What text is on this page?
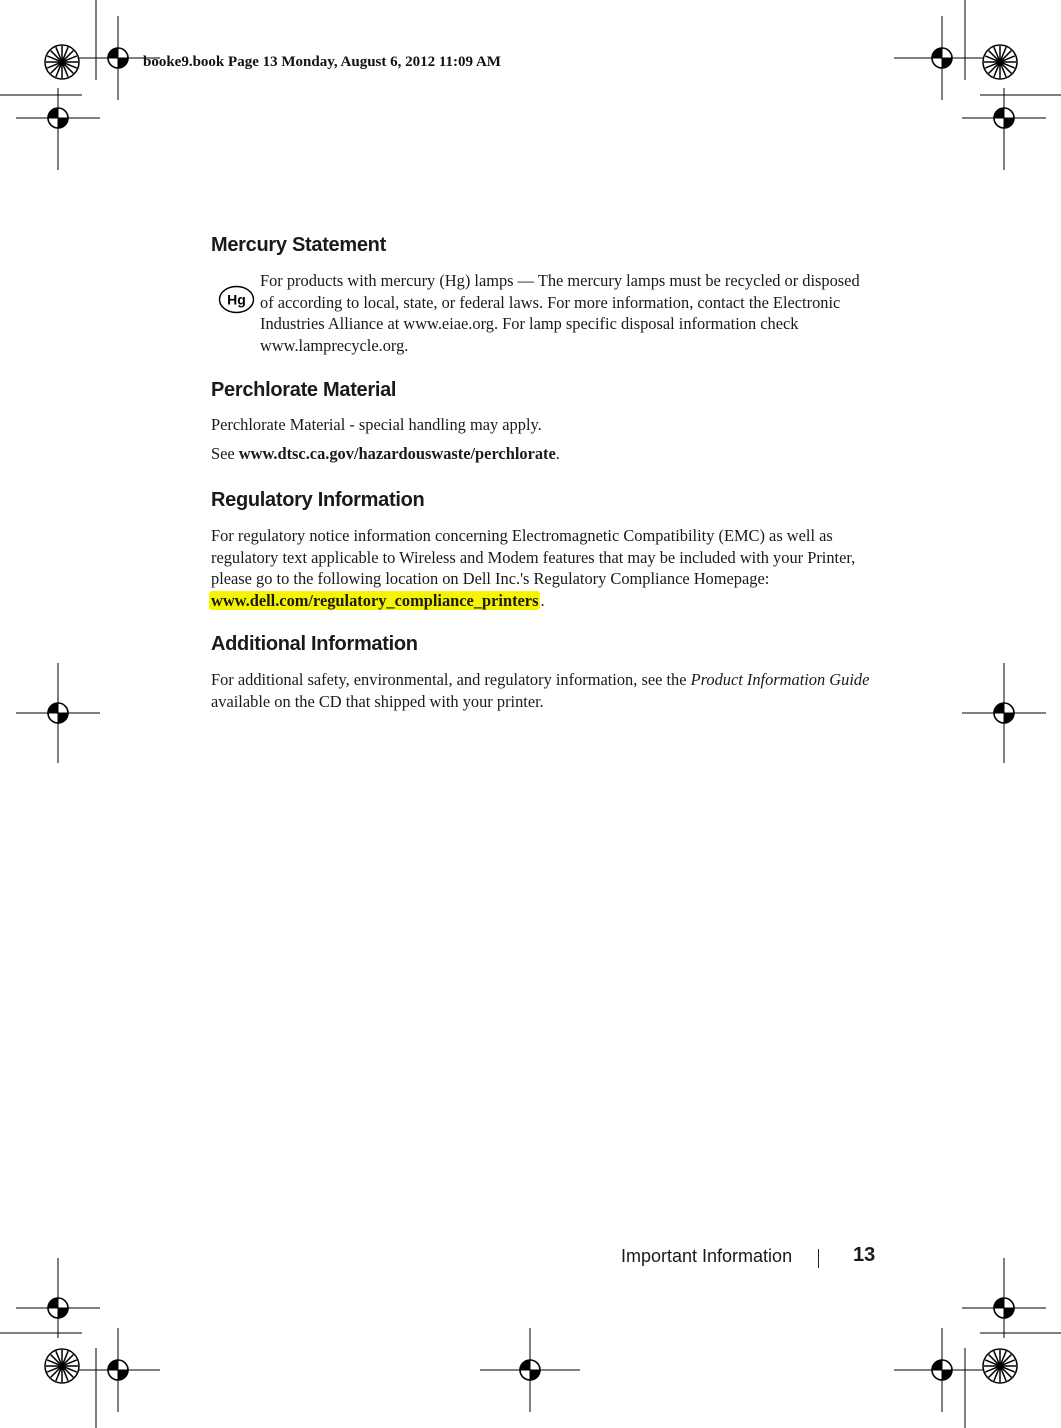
booke9.book Page 13 Monday, August 6, 2012 11:09 AM
Mercury Statement
Hg

For products with mercury (Hg) lamps — The mercury lamps must be recycled or disposed of according to local, state, or federal laws. For more information, contact the Electronic Industries Alliance at www.eiae.org. For lamp specific disposal information check www.lamprecycle.org.

Perchlorate Material

Perchlorate Material - special handling may apply.

See www.dtsc.ca.gov/hazardouswaste/perchlorate.

Regulatory Information

For regulatory notice information concerning Electromagnetic Compatibility (EMC) as well as regulatory text applicable to Wireless and Modem features that may be included with your Printer, please go to the following location on Dell Inc.'s Regulatory Compliance Homepage: www.dell.com/regulatory_compliance_printers .

Additional Information

For additional safety, environmental, and regulatory information, see the Product Information Guide available on the CD that shipped with your printer.

Important Information	13
